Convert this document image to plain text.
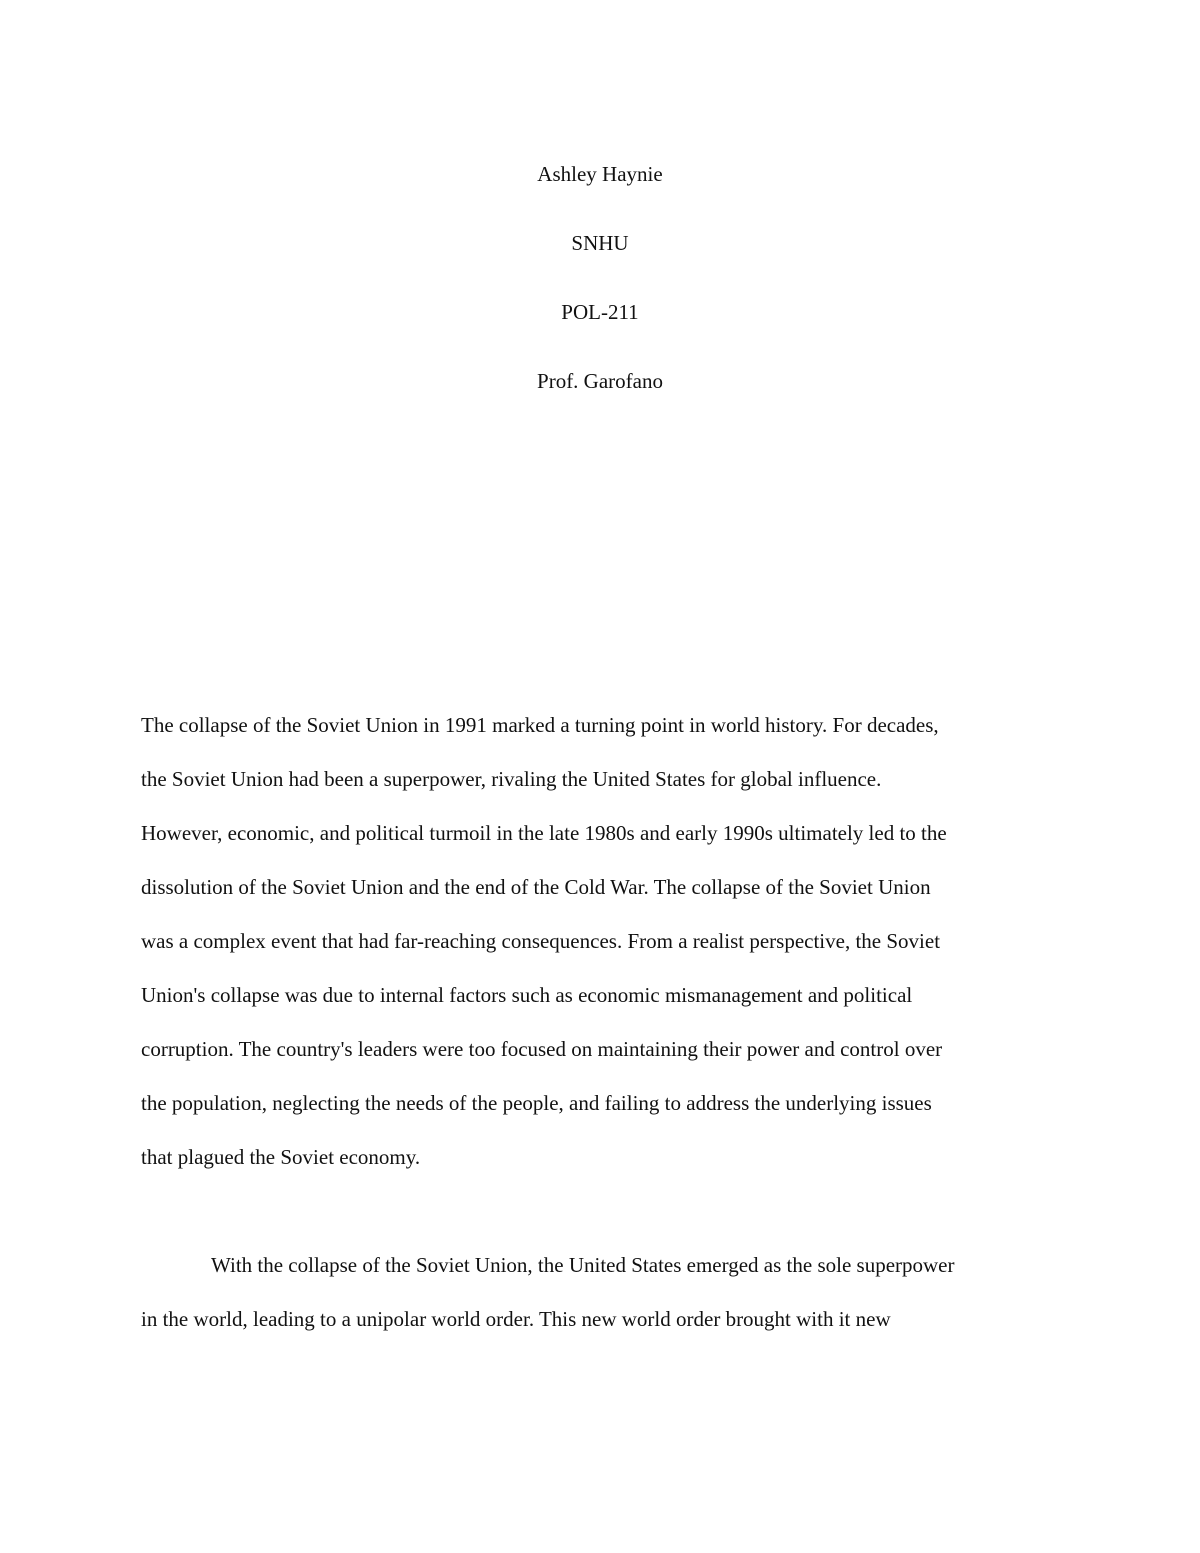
Ashley Haynie

SNHU

POL-211

Prof. Garofano

The collapse of the Soviet Union in 1991 marked a turning point in world history. For decades,
the Soviet Union had been a superpower, rivaling the United States for global influence.
However, economic, and political turmoil in the late 1980s and early 1990s ultimately led to the
dissolution of the Soviet Union and the end of the Cold War. The collapse of the Soviet Union
was a complex event that had far-reaching consequences. From a realist perspective, the Soviet
Union's collapse was due to internal factors such as economic mismanagement and political
corruption. The country's leaders were too focused on maintaining their power and control over
the population, neglecting the needs of the people, and failing to address the underlying issues
that plagued the Soviet economy.
With the collapse of the Soviet Union, the United States emerged as the sole superpower
in the world, leading to a unipolar world order. This new world order brought with it new
